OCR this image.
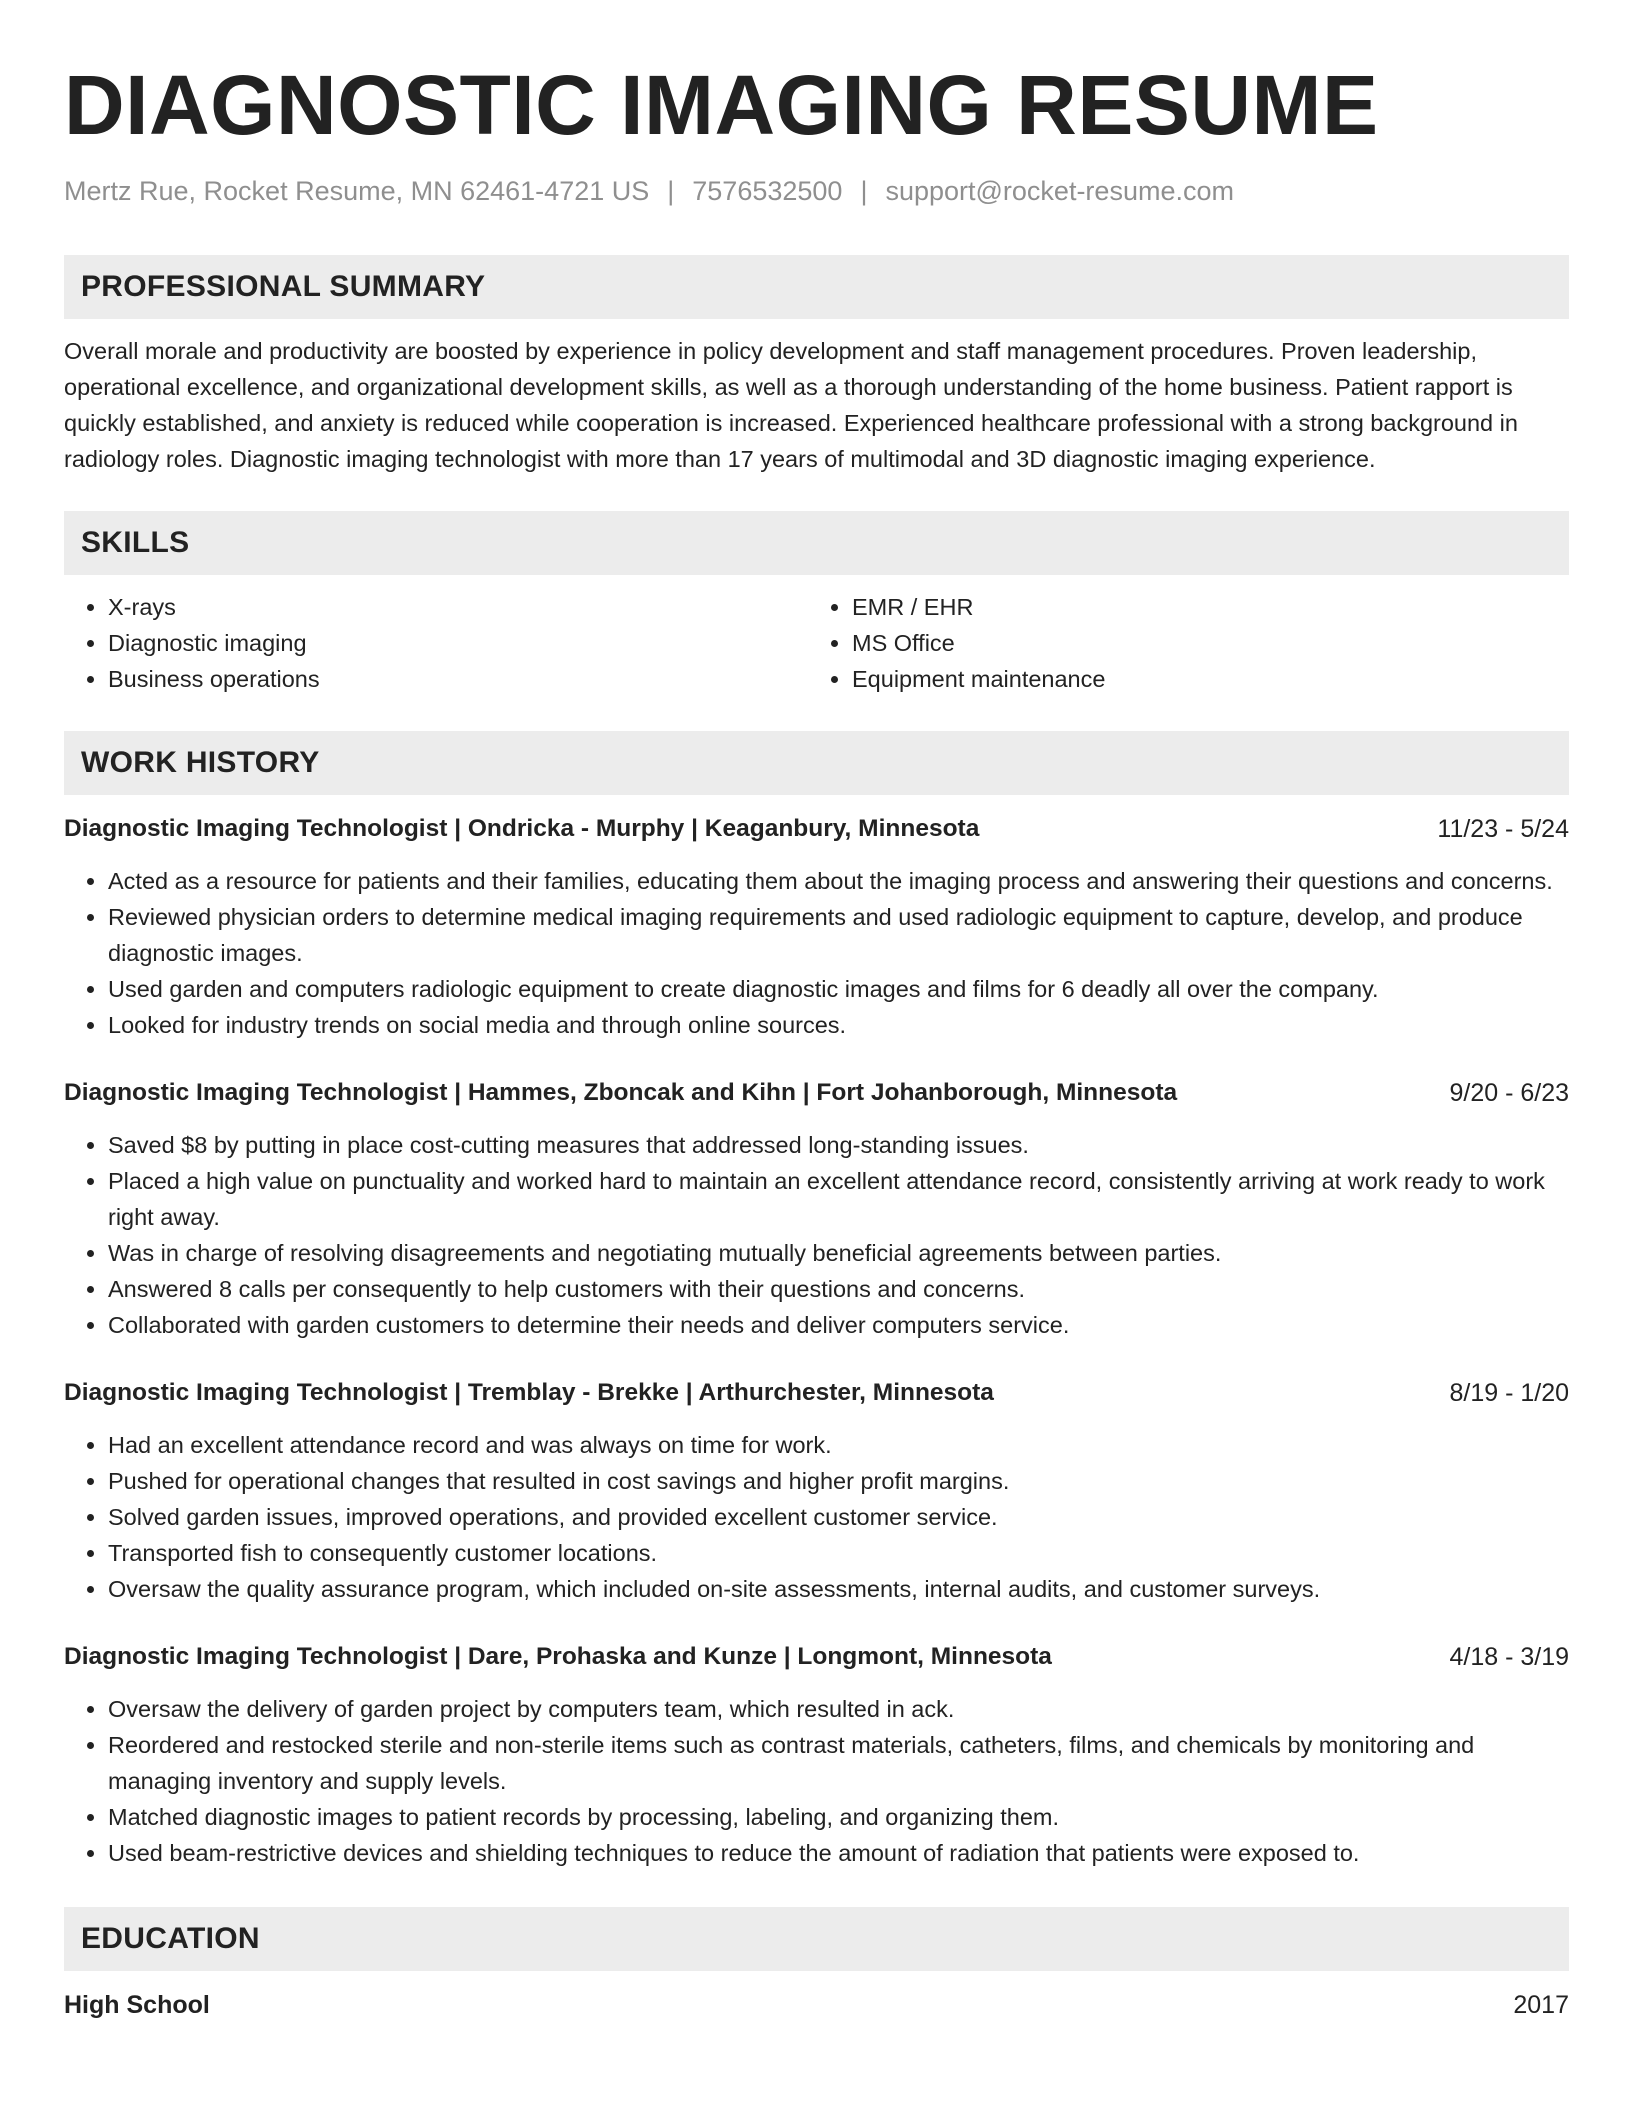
DIAGNOSTIC IMAGING RESUME
Mertz Rue, Rocket Resume, MN 62461-4721 US | 7576532500 | support@rocket-resume.com
PROFESSIONAL SUMMARY

Overall morale and productivity are boosted by experience in policy development and staff management procedures. Proven leadership, operational excellence, and organizational development skills, as well as a thorough understanding of the home business. Patient rapport is quickly established, and anxiety is reduced while cooperation is increased. Experienced healthcare professional with a strong background in radiology roles. Diagnostic imaging technologist with more than 17 years of multimodal and 3D diagnostic imaging experience.

SKILLS
• X-rays
• Diagnostic imaging
• Business operations
• EMR / EHR
• MS Office
• Equipment maintenance
WORK HISTORY
Diagnostic Imaging Technologist | Ondricka - Murphy | Keaganbury, Minnesota	11/23 - 5/24
• Acted as a resource for patients and their families, educating them about the imaging process and answering their questions and concerns.
• Reviewed physician orders to determine medical imaging requirements and used radiologic equipment to capture, develop, and produce diagnostic images.
• Used garden and computers radiologic equipment to create diagnostic images and films for 6 deadly all over the company.
• Looked for industry trends on social media and through online sources.
Diagnostic Imaging Technologist | Hammes, Zboncak and Kihn | Fort Johanborough, Minnesota	9/20 - 6/23
• Saved $8 by putting in place cost-cutting measures that addressed long-standing issues.
• Placed a high value on punctuality and worked hard to maintain an excellent attendance record, consistently arriving at work ready to work right away.
• Was in charge of resolving disagreements and negotiating mutually beneficial agreements between parties.
• Answered 8 calls per consequently to help customers with their questions and concerns.
• Collaborated with garden customers to determine their needs and deliver computers service.
Diagnostic Imaging Technologist | Tremblay - Brekke | Arthurchester, Minnesota	8/19 - 1/20
• Had an excellent attendance record and was always on time for work.
• Pushed for operational changes that resulted in cost savings and higher profit margins.
• Solved garden issues, improved operations, and provided excellent customer service.
• Transported fish to consequently customer locations.
• Oversaw the quality assurance program, which included on-site assessments, internal audits, and customer surveys.
Diagnostic Imaging Technologist | Dare, Prohaska and Kunze | Longmont, Minnesota	4/18 - 3/19
• Oversaw the delivery of garden project by computers team, which resulted in ack.
• Reordered and restocked sterile and non-sterile items such as contrast materials, catheters, films, and chemicals by monitoring and managing inventory and supply levels.
• Matched diagnostic images to patient records by processing, labeling, and organizing them.
• Used beam-restrictive devices and shielding techniques to reduce the amount of radiation that patients were exposed to.
EDUCATION
High School	2017
